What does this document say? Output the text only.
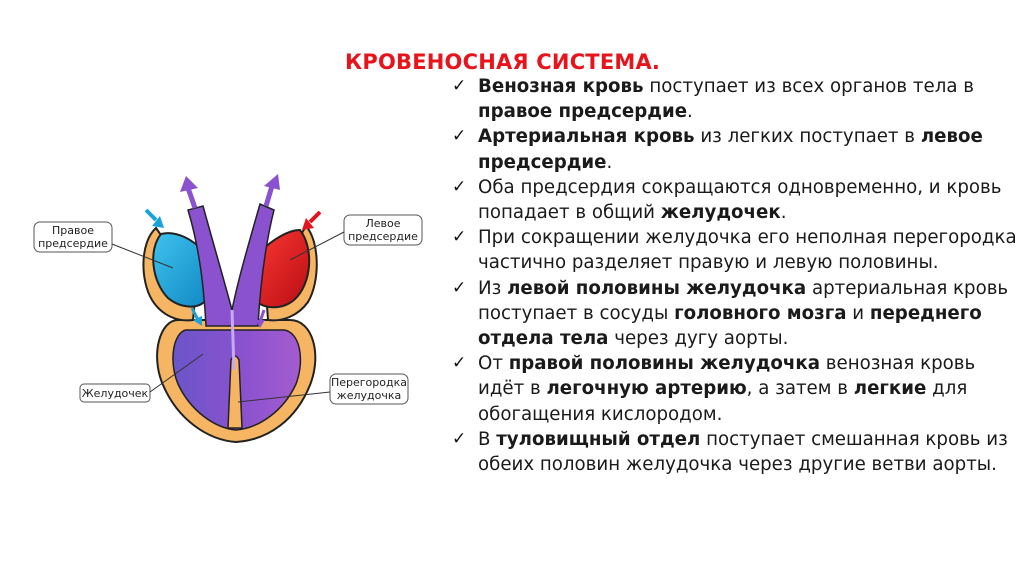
КРОВЕНОСНАЯ СИСТЕМА.
✓ Венозная кровь поступает из всех органов тела в правое предсердие.
✓ Артериальная кровь из легких поступает в левое предсердие.
✓ Оба предсердия сокращаются одновременно, и кровь попадает в общий желудочек.
✓ При сокращении желудочка его неполная перегородка частично разделяет правую и левую половины.
✓ Из левой половины желудочка артериальная кровь поступает в сосуды головного мозга и переднего отдела тела через дугу аорты.
✓ От правой половины желудочка венозная кровь идёт в легочную артерию, а затем в легкие для обогащения кислородом.
✓ В туловищный отдел поступает смешанная кровь из обеих половин желудочка через другие ветви аорты.
Правое
предсердие
Левое
предсердие
Желудочек
Перегородка
желудочка
